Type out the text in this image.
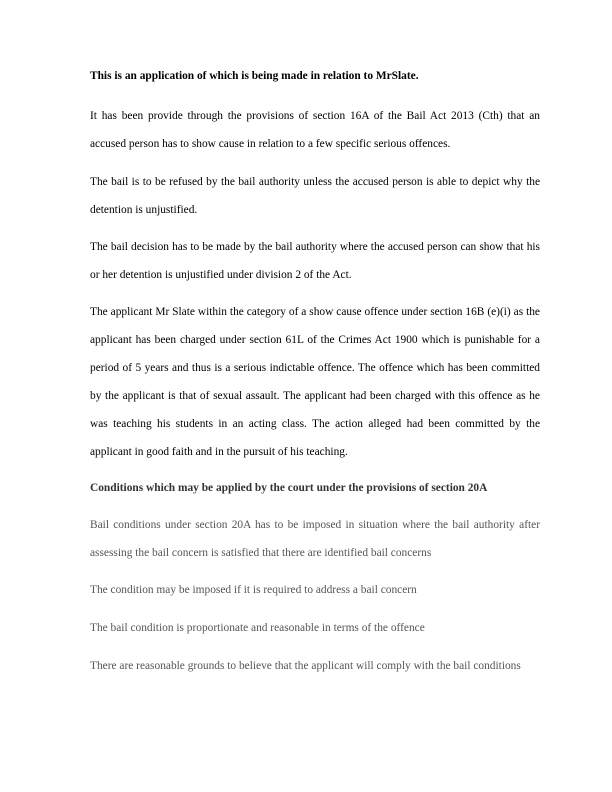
This is an application of which is being made in relation to MrSlate.
It has been provide through the provisions of section 16A of the Bail Act 2013 (Cth) that an accused person has to show cause in relation to a few specific serious offences.
The bail is to be refused by the bail authority unless the accused person is able to depict why the detention is unjustified.
The bail decision has to be made by the bail authority where the accused person can show that his or her detention is unjustified under division 2 of the Act.
The applicant Mr Slate within the category of a show cause offence under section 16B (e)(i) as the applicant has been charged under section 61L of the Crimes Act 1900 which is punishable for a period of 5 years and thus is a serious indictable offence. The offence which has been committed by the applicant is that of sexual assault. The applicant had been charged with this offence as he was teaching his students in an acting class. The action alleged had been committed by the applicant in good faith and in the pursuit of his teaching.
Conditions which may be applied by the court under the provisions of section 20A
Bail conditions under section 20A has to be imposed in situation where the bail authority after assessing the bail concern is satisfied that there are identified bail concerns
The condition may be imposed if it is required to address a bail concern
The bail condition is proportionate and reasonable in terms of the offence
There are reasonable grounds to believe that the applicant will comply with the bail conditions
